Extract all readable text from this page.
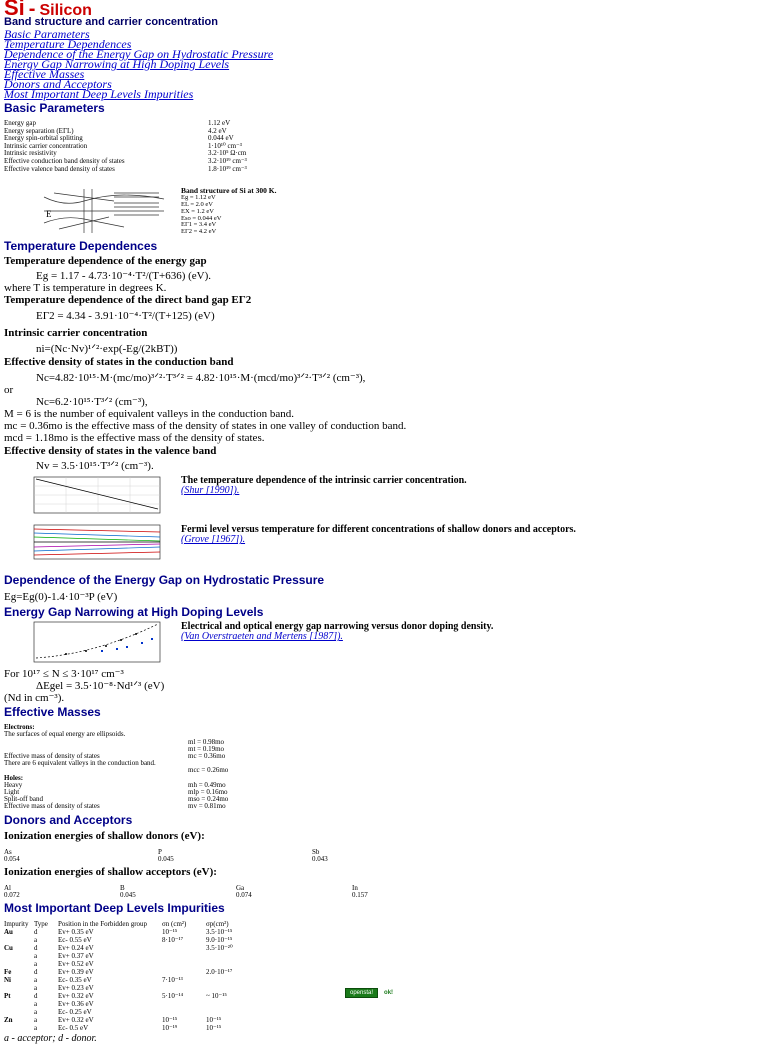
Si - Silicon
Band structure and carrier concentration
Basic Parameters
Temperature Dependences
Dependence of the Energy Gap on Hydrostatic Pressure
Energy Gap Narrowing at High Doping Levels
Effective Masses
Donors and Acceptors
Most Important Deep Levels Impurities
Basic Parameters
Energy gap	1.12 eV
Energy separation (EΓL)	4.2 eV
Energy spin-orbital splitting	0.044 eV
Intrinsic carrier concentration	1·10¹⁰ cm⁻³
Intrinsic resistivity	3.2·10⁵ Ω·cm
Effective conduction band density of states	3.2·10¹⁹ cm⁻³
Effective valence band density of states	1.8·10¹⁹ cm⁻³
E
Band structure of Si at 300 K.
Eg = 1.12 eV
EL = 2.0 eV
EX = 1.2 eV
Eso = 0.044 eV
EΓ1 = 3.4 eV
EΓ2 = 4.2 eV
Temperature Dependences
Temperature dependence of the energy gap
Eg = 1.17 - 4.73·10⁻⁴·T²/(T+636) (eV).
where T is temperature in degrees K.
Temperature dependence of the direct band gap EΓ2
EΓ2 = 4.34 - 3.91·10⁻⁴·T²/(T+125) (eV)
Intrinsic carrier concentration
ni=(Nc·Nv)¹ᐟ²·exp(-Eg/(2kBT))
Effective density of states in the conduction band
Nc=4.82·10¹⁵·M·(mc/mo)³ᐟ²·T³ᐟ² = 4.82·10¹⁵·M·(mcd/mo)³ᐟ²·T³ᐟ² (cm⁻³),
or
Nc=6.2·10¹⁵·T³ᐟ² (cm⁻³),
M = 6 is the number of equivalent valleys in the conduction band.
mc = 0.36mo is the effective mass of the density of states in one valley of conduction band.
mcd = 1.18mo is the effective mass of the density of states.
Effective density of states in the valence band
Nv = 3.5·10¹⁵·T³ᐟ² (cm⁻³).
The temperature dependence of the intrinsic carrier concentration.
(Shur [1990]).
Fermi level versus temperature for different concentrations of shallow donors and acceptors.
(Grove [1967]).
Dependence of the Energy Gap on Hydrostatic Pressure
Eg=Eg(0)-1.4·10⁻³P (eV)
Energy Gap Narrowing at High Doping Levels
Electrical and optical energy gap narrowing versus donor doping density.
(Van Overstraeten and Mertens [1987]).
For 10¹⁷ ≤ N ≤ 3·10¹⁷ cm⁻³
ΔEgel = 3.5·10⁻⁸·Nd¹ᐟ³ (eV)
(Nd in cm⁻³).
Effective Masses
Electrons:	
The surfaces of equal energy are ellipsoids.	
	ml = 0.98mo
	mt = 0.19mo
Effective mass of density of states	mc = 0.36mo
There are 6 equivalent valleys in the conduction band.	
	mcc = 0.26mo
Holes:	
Heavy	mh = 0.49mo
Light	mlp = 0.16mo
Split-off band	mso = 0.24mo
Effective mass of density of states	mv = 0.81mo
Donors and Acceptors
Ionization energies of shallow donors (eV):
As	P	Sb
0.054	0.045	0.043
Ionization energies of shallow acceptors (eV):
Al	B	Ga	In
0.072	0.045	0.074	0.157
Most Important Deep Levels Impurities
Impurity	Type	Position in the Forbidden group	σn (cm²)	σp(cm²)
Au	d	Ev+ 0.35 eV	10⁻¹⁵	3.5·10⁻¹⁵
	a	Ec- 0.55 eV	8·10⁻¹⁷	9.0·10⁻¹⁵
Cu	d	Ev+ 0.24 eV		3.5·10⁻²⁰
	a	Ev+ 0.37 eV		
	a	Ev+ 0.52 eV		
Fe	d	Ev+ 0.39 eV		2.0·10⁻¹⁷
Ni	a	Ec- 0.35 eV	7·10⁻¹³	
	a	Ev+ 0.23 eV		
Pt	d	Ev+ 0.32 eV	5·10⁻¹⁴	~ 10⁻¹⁵
	a	Ev+ 0.36 eV		
	a	Ec- 0.25 eV		
Zn	a	Ev+ 0.32 eV	10⁻¹⁵	10⁻¹⁵
	a	Ec- 0.5 eV	10⁻¹⁹	10⁻¹⁵
a - acceptor; d - donor.
opensta!	ok!
